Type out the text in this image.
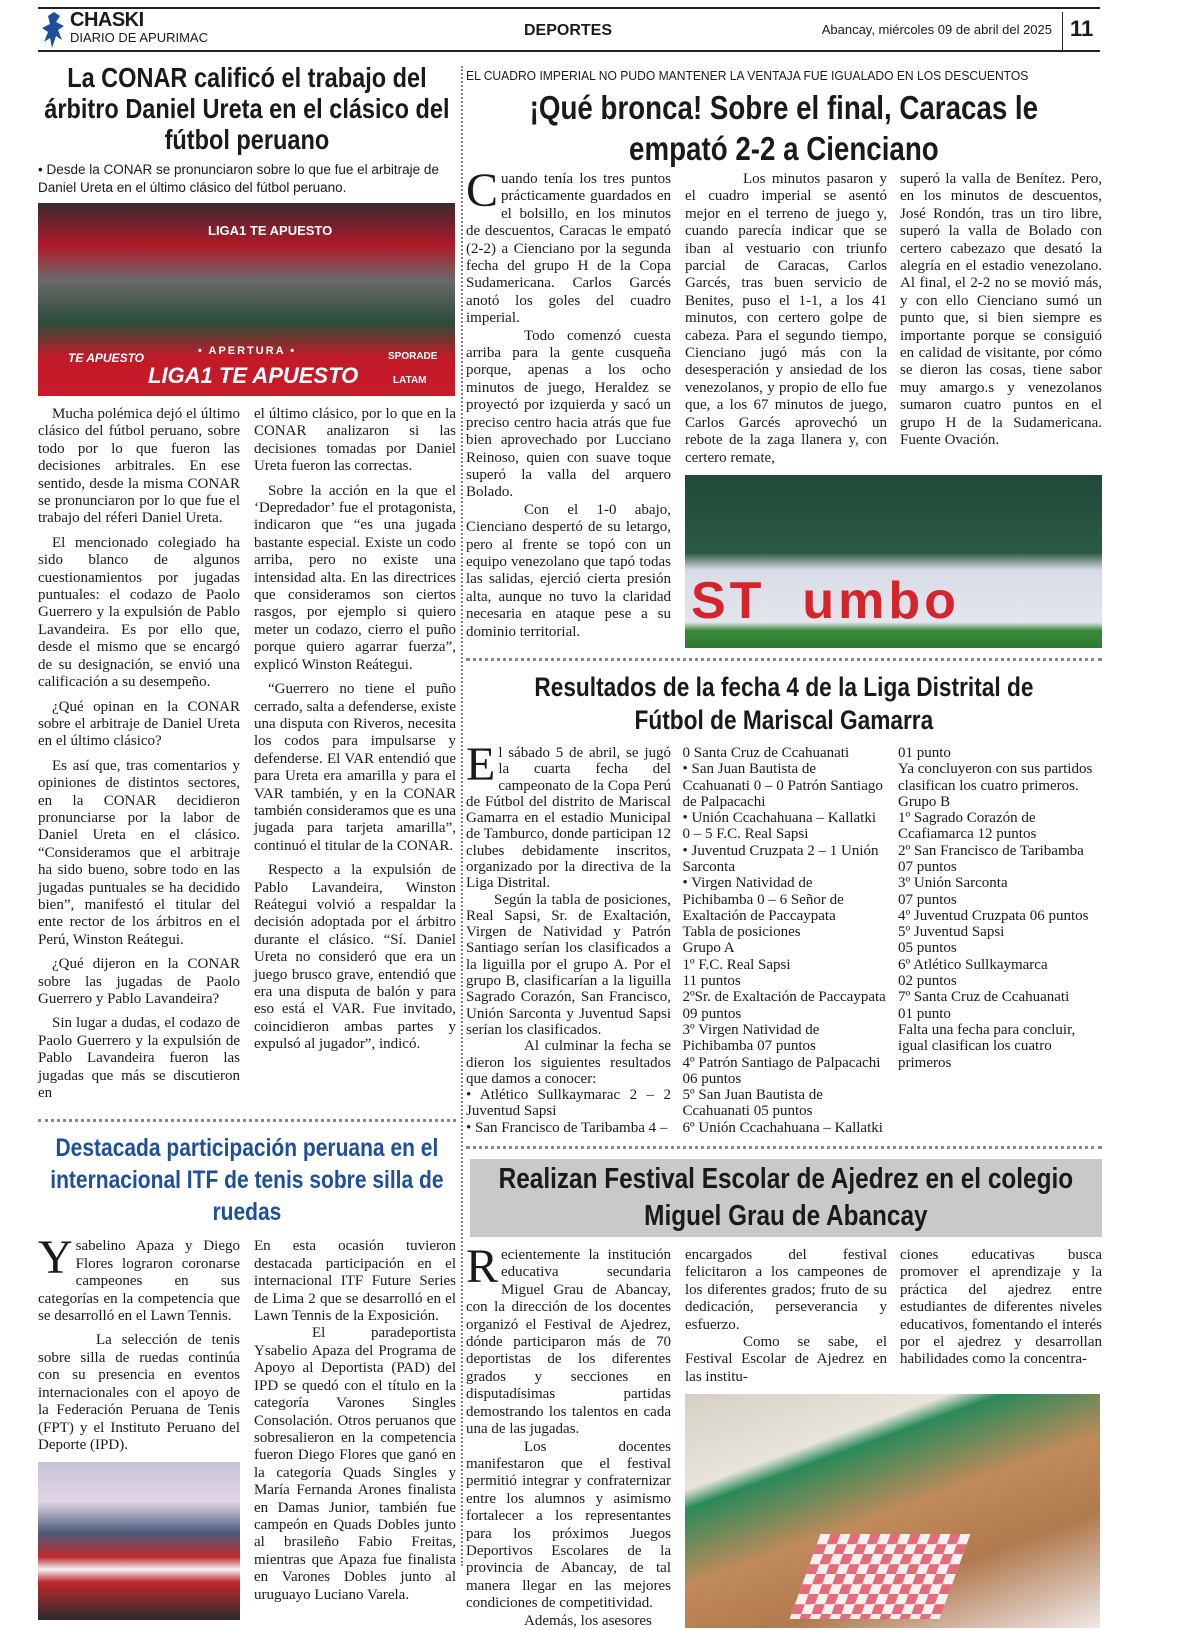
CHASKI
DIARIO DE APURIMAC	DEPORTES	Abancay, miércoles 09 de abril del 2025 11
La CONAR calificó el trabajo del árbitro Daniel Ureta en el clásico del fútbol peruano
• Desde la CONAR se pronunciaron sobre lo que fue el arbitraje de Daniel Ureta en el último clásico del fútbol peruano.
LIGA1 TE APUESTO
• APERTURA •
LIGA1 TE APUESTO
TE APUESTO	SPORADE
LATAM

Mucha polémica dejó el último clásico del fútbol peruano, sobre todo por lo que fueron las decisiones arbitrales. En ese sentido, desde la misma CONAR se pronunciaron por lo que fue el trabajo del réferi Daniel Ureta.

El mencionado colegiado ha sido blanco de algunos cuestionamientos por jugadas puntuales: el codazo de Paolo Guerrero y la expulsión de Pablo Lavandeira. Es por ello que, desde el mismo que se encargó de su designación, se envió una calificación a su desempeño.

¿Qué opinan en la CONAR sobre el arbitraje de Daniel Ureta en el último clásico?

Es así que, tras comentarios y opiniones de distintos sectores, en la CONAR decidieron pronunciarse por la labor de Daniel Ureta en el clásico. “Consideramos que el arbitraje ha sido bueno, sobre todo en las jugadas puntuales se ha decidido bien”, manifestó el titular del ente rector de los árbitros en el Perú, Winston Reátegui.

¿Qué dijeron en la CONAR sobre las jugadas de Paolo Guerrero y Pablo Lavandeira?

Sin lugar a dudas, el codazo de Paolo Guerrero y la expulsión de Pablo Lavandeira fueron las jugadas que más se discutieron en

el último clásico, por lo que en la CONAR analizaron si las decisiones tomadas por Daniel Ureta fueron las correctas.

Sobre la acción en la que el ‘Depredador’ fue el protagonista, indicaron que “es una jugada bastante especial. Existe un codo arriba, pero no existe una intensidad alta. En las directrices que consideramos son ciertos rasgos, por ejemplo si quiero meter un codazo, cierro el puño porque quiero agarrar fuerza”, explicó Winston Reátegui.

“Guerrero no tiene el puño cerrado, salta a defenderse, existe una disputa con Riveros, necesita los codos para impulsarse y defenderse. El VAR entendió que para Ureta era amarilla y para el VAR también, y en la CONAR también consideramos que es una jugada para tarjeta amarilla”, continuó el titular de la CONAR.

Respecto a la expulsión de Pablo Lavandeira, Winston Reátegui volvió a respaldar la decisión adoptada por el árbitro durante el clásico. “Sí. Daniel Ureta no consideró que era un juego brusco grave, entendió que era una disputa de balón y para eso está el VAR. Fue invitado, coincidieron ambas partes y expulsó al jugador”, indicó.

Destacada participación peruana en el internacional ITF de tenis sobre silla de ruedas

Ysabelino Apaza y Diego Flores lograron coronarse campeones en sus categorías en la competencia que se desarrolló en el Lawn Tennis.

La selección de tenis sobre silla de ruedas continúa con su presencia en eventos internacionales con el apoyo de la Federación Peruana de Tenis (FPT) y el Instituto Peruano del Deporte (IPD).

En esta ocasión tuvieron destacada participación en el internacional ITF Future Series de Lima 2 que se desarrolló en el Lawn Tennis de la Exposición.

El paradeportista Ysabelio Apaza del Programa de Apoyo al Deportista (PAD) del IPD se quedó con el título en la categoría Varones Singles Consolación. Otros peruanos que sobresalieron en la competencia fueron Diego Flores que ganó en la categoría Quads Singles y María Fernanda Arones finalista en Damas Junior, también fue campeón en Quads Dobles junto al brasileño Fabio Freitas, mientras que Apaza fue finalista en Varones Dobles junto al uruguayo Luciano Varela.

EL CUADRO IMPERIAL NO PUDO MANTENER LA VENTAJA FUE IGUALADO EN LOS DESCUENTOS
¡Qué bronca! Sobre el final, Caracas le empató 2-2 a Cienciano

Cuando tenía los tres puntos prácticamente guardados en el bolsillo, en los minutos de descuentos, Caracas le empató (2-2) a Cienciano por la segunda fecha del grupo H de la Copa Sudamericana. Carlos Garcés anotó los goles del cuadro imperial.

Todo comenzó cuesta arriba para la gente cusqueña porque, apenas a los ocho minutos de juego, Heraldez se proyectó por izquierda y sacó un preciso centro hacia atrás que fue bien aprovechado por Lucciano Reinoso, quien con suave toque superó la valla del arquero Bolado.

Con el 1-0 abajo, Cienciano despertó de su letargo, pero al frente se topó con un equipo venezolano que tapó todas las salidas, ejerció cierta presión alta, aunque no tuvo la claridad necesaria en ataque pese a su dominio territorial.

Los minutos pasaron y el cuadro imperial se asentó mejor en el terreno de juego y, cuando parecía indicar que se iban al vestuario con triunfo parcial de Caracas, Carlos Garcés, tras buen servicio de Benites, puso el 1-1, a los 41 minutos, con certero golpe de cabeza. Para el segundo tiempo, Cienciano jugó más con la desesperación y ansiedad de los venezolanos, y propio de ello fue que, a los 67 minutos de juego, Carlos Garcés aprovechó un rebote de la zaga llanera y, con certero remate,

superó la valla de Benítez. Pero, en los minutos de descuentos, José Rondón, tras un tiro libre, superó la valla de Bolado con certero cabezazo que desató la alegría en el estadio venezolano. Al final, el 2-2 no se movió más, y con ello Cienciano sumó un punto que, si bien siempre es importante porque se consiguió en calidad de visitante, por cómo se dieron las cosas, tiene sabor muy amargo.s y venezolanos sumaron cuatro puntos en el grupo H de la Sudamericana. Fuente Ovación.

ST  umbo
Resultados de la fecha 4 de la Liga Distrital de Fútbol de Mariscal Gamarra

El sábado 5 de abril, se jugó la cuarta fecha del campeonato de la Copa Perú de Fútbol del distrito de Mariscal Gamarra en el estadio Municipal de Tamburco, donde participan 12 clubes debidamente inscritos, organizado por la directiva de la Liga Distrital.

Según la tabla de posiciones, Real Sapsi, Sr. de Exaltación, Virgen de Natividad y Patrón Santiago serían los clasificados a la liguilla por el grupo A. Por el grupo B, clasificarían a la liguilla Sagrado Corazón, San Francisco, Unión Sarconta y Juventud Sapsi serían los clasificados.

Al culminar la fecha se dieron los siguientes resultados que damos a conocer:

• Atlético Sullkaymarac 2 – 2 Juventud Sapsi

• San Francisco de Taribamba 4 –

0 Santa Cruz de Ccahuanati

• San Juan Bautista de Ccahuanati 0 – 0 Patrón Santiago de Palpacachi

• Unión Ccachahuana – Kallatki 0 – 5 F.C. Real Sapsi

• Juventud Cruzpata 2 – 1 Unión Sarconta

• Virgen Natividad de Pichibamba 0 – 6 Señor de Exaltación de Paccaypata

Tabla de posiciones

Grupo A

1º F.C. Real Sapsi

11 puntos

2ºSr. de Exaltación de Paccaypata

09 puntos

3º Virgen Natividad de Pichibamba 07 puntos

4º Patrón Santiago de Palpacachi

06 puntos

5º San Juan Bautista de Ccahuanati 05 puntos

6º Unión Ccachahuana – Kallatki

01 punto

Ya concluyeron con sus partidos clasifican los cuatro primeros.

Grupo B

1º Sagrado Corazón de Ccafiamarca 12 puntos

2º San Francisco de Taribamba 07 puntos

3º Unión Sarconta

07 puntos

4º Juventud Cruzpata 06 puntos

5º Juventud Sapsi

05 puntos

6º Atlético Sullkaymarca

02 puntos

7º Santa Cruz de Ccahuanati

01 punto

Falta una fecha para concluir, igual clasifican los cuatro primeros

Realizan Festival Escolar de Ajedrez en el colegio Miguel Grau de Abancay

Recientemente la institución educativa secundaria Miguel Grau de Abancay, con la dirección de los docentes organizó el Festival de Ajedrez, dónde participaron más de 70 deportistas de los diferentes grados y secciones en disputadísimas partidas demostrando los talentos en cada una de las jugadas.

Los docentes manifestaron que el festival permitió integrar y confraternizar entre los alumnos y asimismo fortalecer a los representantes para los próximos Juegos Deportivos Escolares de la provincia de Abancay, de tal manera llegar en las mejores condiciones de competitividad.

Además, los asesores

encargados del festival felicitaron a los campeones de los diferentes grados; fruto de su dedicación, perseverancia y esfuerzo.

Como se sabe, el Festival Escolar de Ajedrez en las institu-

ciones educativas busca promover el aprendizaje y la práctica del ajedrez entre estudiantes de diferentes niveles educativos, fomentando el interés por el ajedrez y desarrollan habilidades como la concentra-
